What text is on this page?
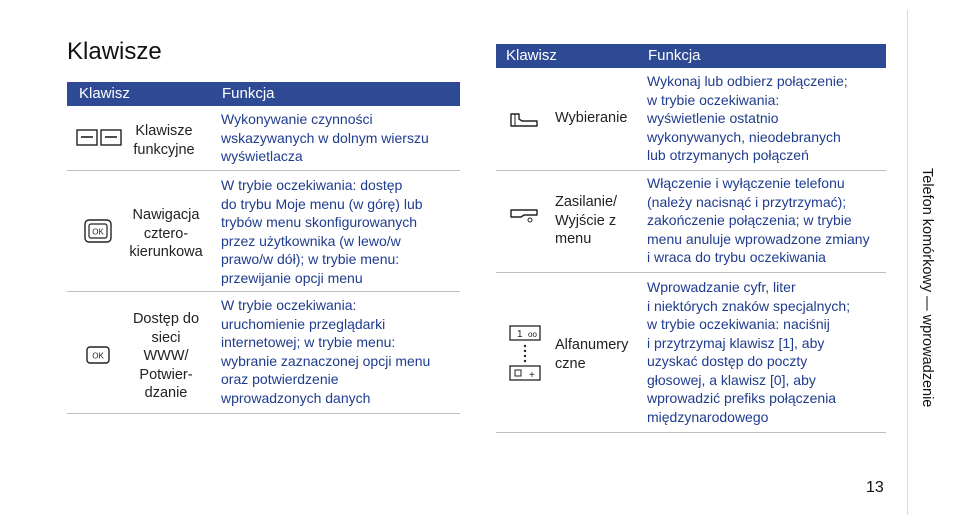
Klawisze
Klawisz	Funkcja
Klawisze
funkcyjne
Wykonywanie czynności
wskazywanych w dolnym wierszu
wyświetlacza
OK
Nawigacja
cztero-
kierunkowa
W trybie oczekiwania: dostęp
do trybu Moje menu (w górę) lub
trybów menu skonfigurowanych
przez użytkownika (w lewo/w
prawo/w dół); w trybie menu:
przewijanie opcji menu
OK
Dostęp do
sieci
WWW/
Potwier-
dzanie
W trybie oczekiwania:
uruchomienie przeglądarki
internetowej; w trybie menu:
wybranie zaznaczonej opcji menu
oraz potwierdzenie
wprowadzonych danych
Klawisz	Funkcja
Wybieranie
Wykonaj lub odbierz połączenie;
w trybie oczekiwania:
wyświetlenie ostatnio
wykonywanych, nieodebranych
lub otrzymanych połączeń
Zasilanie/
Wyjście z
menu
Włączenie i wyłączenie telefonu
(należy nacisnąć i przytrzymać);
zakończenie połączenia; w trybie
menu anuluje wprowadzone zmiany
i wraca do trybu oczekiwania
1 oo
+
Alfanumery
czne
Wprowadzanie cyfr, liter
i niektórych znaków specjalnych;
w trybie oczekiwania: naciśnij
i przytrzymaj klawisz [1], aby
uzyskać dostęp do poczty
głosowej, a klawisz [0], aby
wprowadzić prefiks połączenia
międzynarodowego
Telefon komórkowy — wprowadzenie
13
